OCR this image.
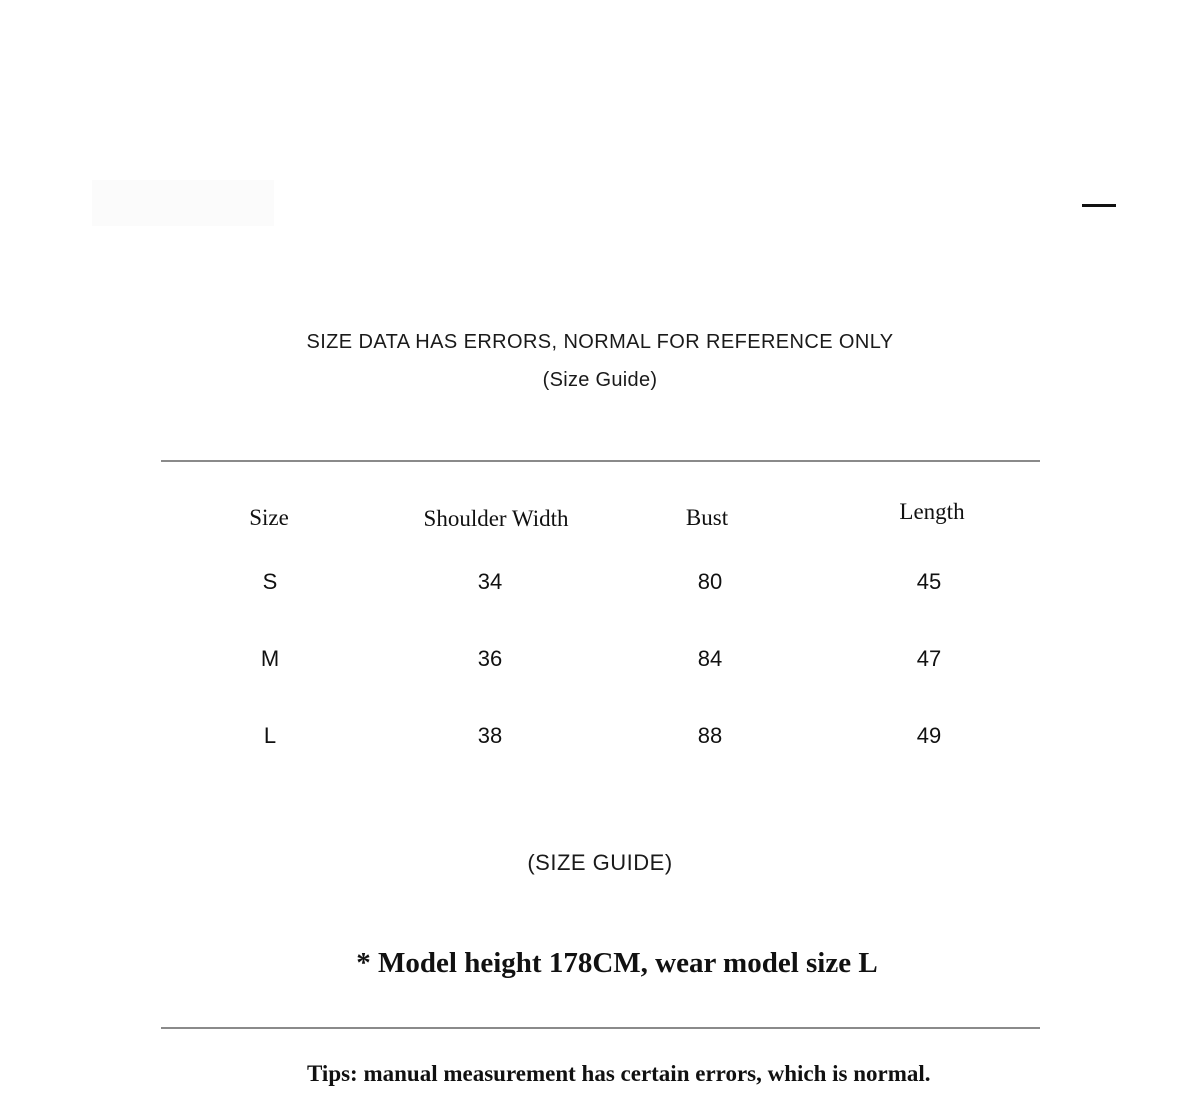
SIZE DATA HAS ERRORS, NORMAL FOR REFERENCE ONLY
(Size Guide)
Size	Shoulder Width	Bust	Length
S	34	80	45
M	36	84	47
L	38	88	49
(SIZE GUIDE)
* Model height 178CM, wear model size L
Tips: manual measurement has certain errors, which is normal.
